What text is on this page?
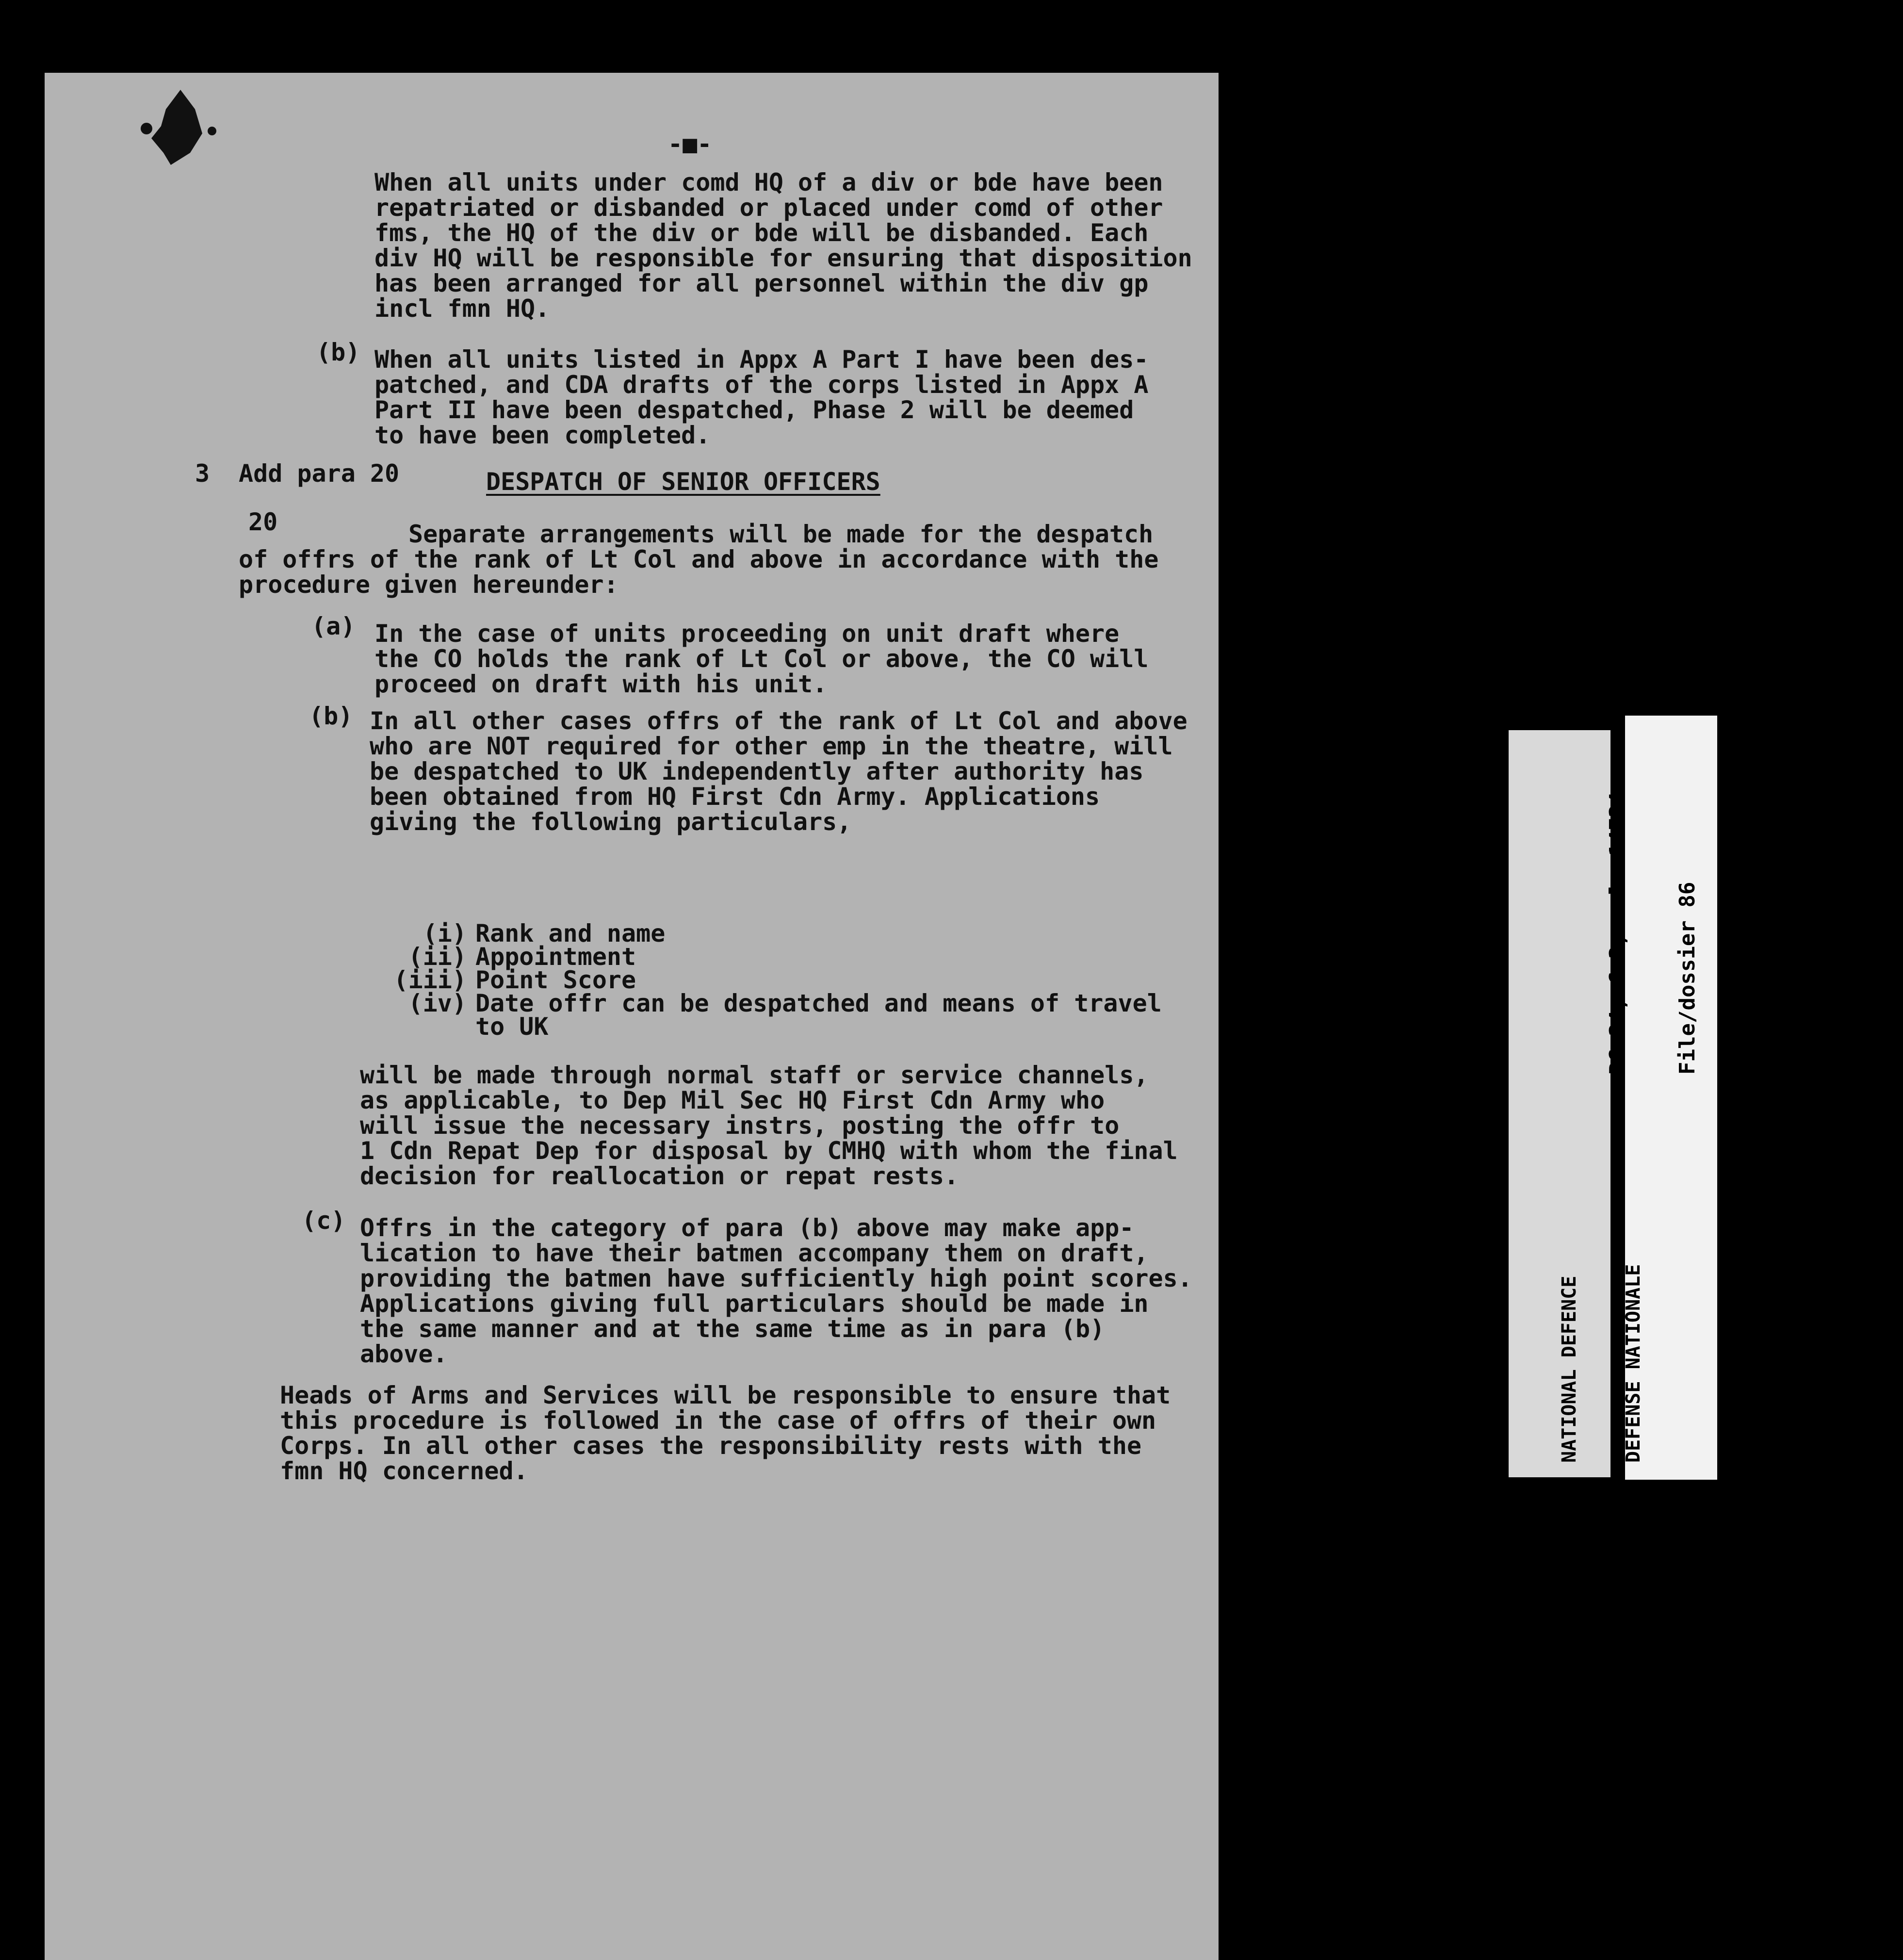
-■-

When all units under comd HQ of a div or bde have been
repatriated or disbanded or placed under comd of other
fms, the HQ of the div or bde will be disbanded. Each
div HQ will be responsible for ensuring that disposition
has been arranged for all personnel within the div gp
incl fmn HQ.

(b) When all units listed in Appx A Part I have been des-
patched, and CDA drafts of the corps listed in Appx A
Part II have been despatched, Phase 2 will be deemed
to have been completed.

3 Add para 20	DESPATCH OF SENIOR OFFICERS

20	Separate arrangements will be made for the despatch
of offrs of the rank of Lt Col and above in accordance with the
procedure given hereunder:

(a) In the case of units proceeding on unit draft where
the CO holds the rank of Lt Col or above, the CO will
proceed on draft with his unit.

(b) In all other cases offrs of the rank of Lt Col and above
who are NOT required for other emp in the theatre, will
be despatched to UK independently after authority has
been obtained from HQ First Cdn Army. Applications
giving the following particulars,
(i) Rank and name
(ii) Appointment
(iii) Point Score
(iv) Date offr can be despatched and means of travel
to UK
will be made through normal staff or service channels,
as applicable, to Dep Mil Sec HQ First Cdn Army who
will issue the necessary instrs, posting the offr to
1 Cdn Repat Dep for disposal by CMHQ with whom the final
decision for reallocation or repat rests.

(c) Offrs in the category of para (b) above may make app-
lication to have their batmen accompany them on draft,
providing the batmen have sufficiently high point scores.
Applications giving full particulars should be made in
the same manner and at the same time as in para (b)
above.
Heads of Arms and Services will be responsible to ensure that
this procedure is followed in the case of offrs of their own
Corps. In all other cases the responsibility rests with the
fmn HQ concerned.

RG 24, C-3, vol. 14734

File/dossier 86

NATIONAL DEFENCE

DEFENSE NATIONALE

	National Archives of Canada

	Archives nationales du Canada
